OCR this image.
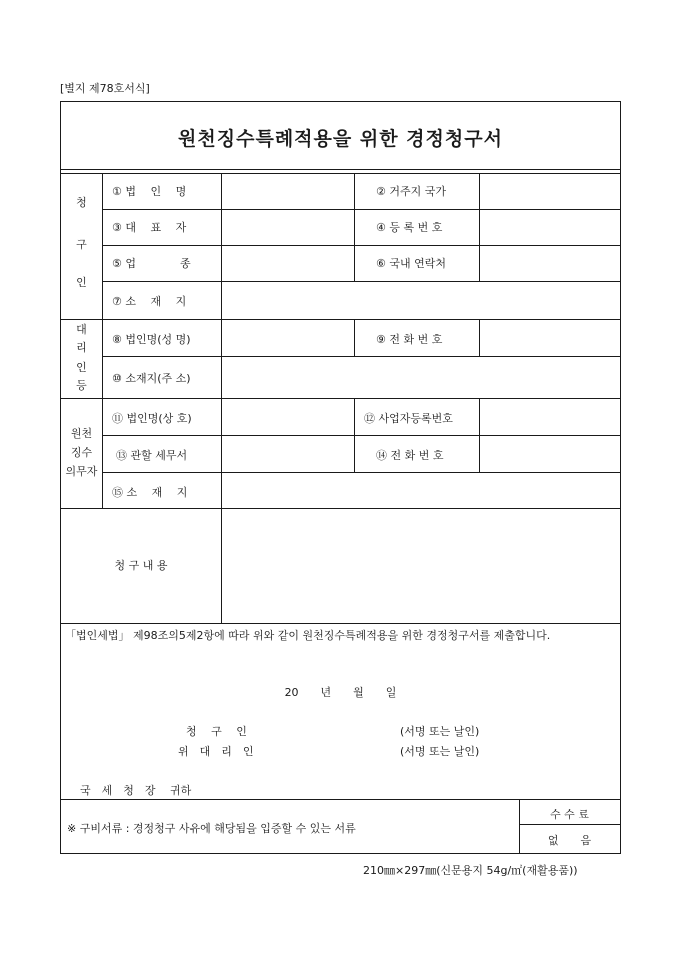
[별지 제78호서식]
원천징수특례적용을 위한 경정청구서
청
구
인
① 법　 인 　명	② 거주지 국가
③ 대　 표　 자	④ 등 록 번 호
⑤ 업　　　　종	⑥ 국내 연락처
⑦ 소　 재　 지
대
리
인
등
⑧ 법인명(성 명)	⑨ 전 화 번 호
⑩ 소재지(주 소)
원천
징수
의무자
⑪ 법인명(상 호)	⑫ 사업자등록번호
⑬ 관할 세무서	⑭ 전 화 번 호
⑮ 소　 재　 지
청 구 내 용
「법인세법」 제98조의5제2항에 따라 위와 같이 원천징수특례적용을 위한 경정청구서를 제출합니다.
20　　년　　월　　일
청　 구　 인	(서명 또는 날인)
위　대　리　인	(서명 또는 날인)
국　세　청　장　 귀하
※ 구비서류 : 경정청구 사유에 해당됨을 입증할 수 있는 서류
수 수 료
없　　음
210㎜×297㎜(신문용지 54g/㎡(재활용품))
